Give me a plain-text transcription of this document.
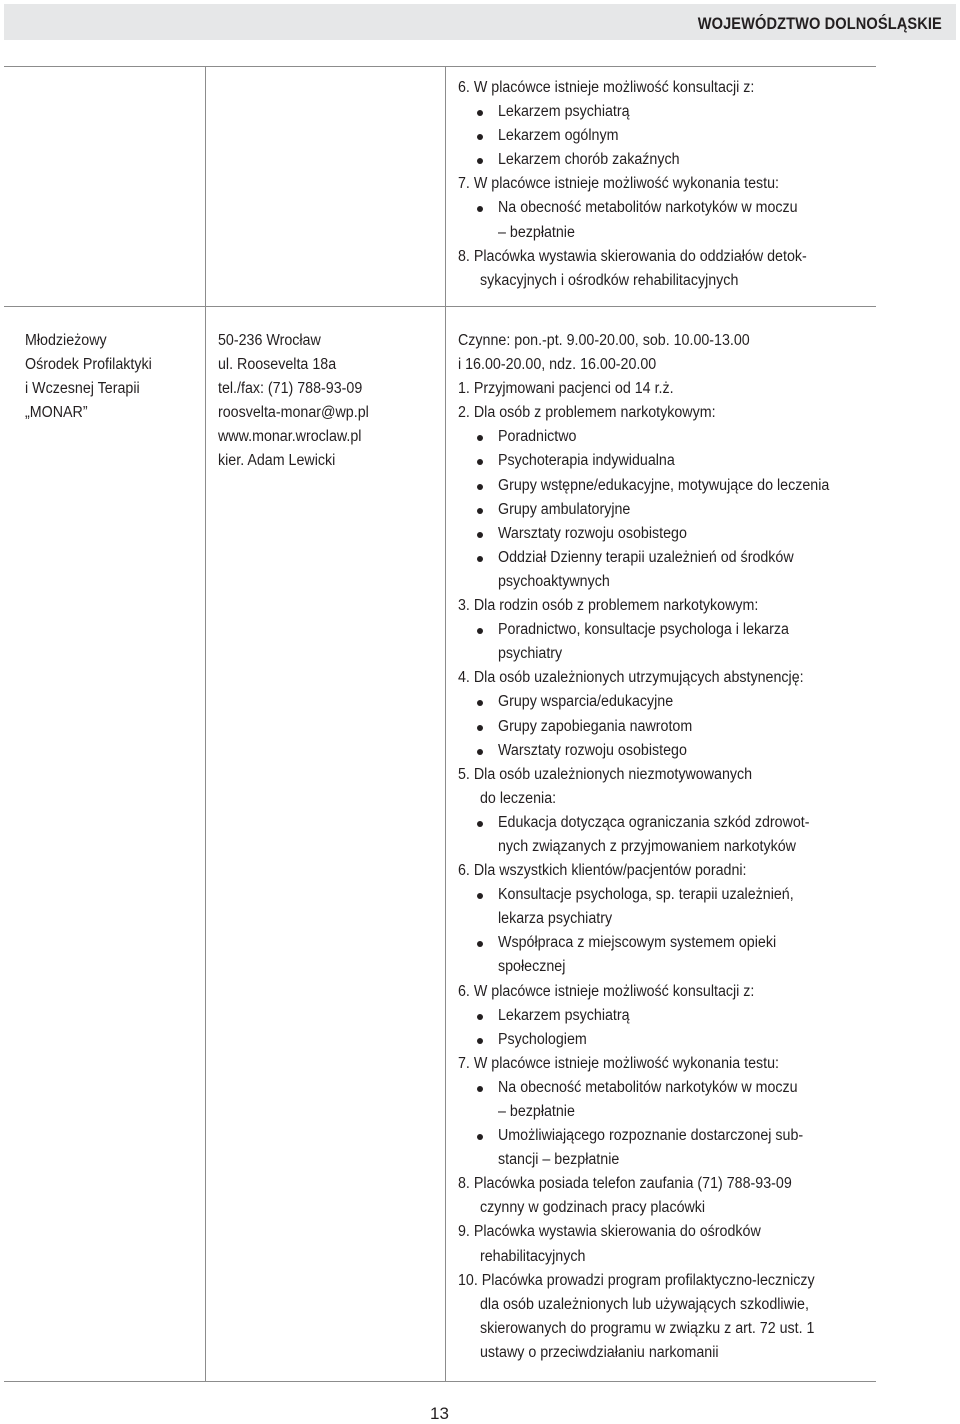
WOJEWÓDZTWO DOLNOŚLĄSKIE
6. W placówce istnieje możliwość konsultacji z:
Lekarzem psychiatrą
Lekarzem ogólnym
Lekarzem chorób zakaźnych
7. W placówce istnieje możliwość wykonania testu:
Na obecność metabolitów narkotyków w moczu
– bezpłatnie
8. Placówka wystawia skierowania do oddziałów detok-
sykacyjnych i ośrodków rehabilitacyjnych
Młodzieżowy
Ośrodek Profilaktyki
i Wczesnej Terapii
„MONAR”
50-236 Wrocław
ul. Roosevelta 18a
tel./fax: (71) 788-93-09
roosvelta-monar@wp.pl
www.monar.wroclaw.pl
kier. Adam Lewicki
Czynne: pon.-pt. 9.00-20.00, sob. 10.00-13.00
i 16.00-20.00, ndz. 16.00-20.00
1. Przyjmowani pacjenci od 14 r.ż.
2. Dla osób z problemem narkotykowym:
Poradnictwo
Psychoterapia indywidualna
Grupy wstępne/edukacyjne, motywujące do leczenia
Grupy ambulatoryjne
Warsztaty rozwoju osobistego
Oddział Dzienny terapii uzależnień od środków
psychoaktywnych
3. Dla rodzin osób z problemem narkotykowym:
Poradnictwo, konsultacje psychologa i lekarza
psychiatry
4. Dla osób uzależnionych utrzymujących abstynencję:
Grupy wsparcia/edukacyjne
Grupy zapobiegania nawrotom
Warsztaty rozwoju osobistego
5. Dla osób uzależnionych niezmotywowanych
do leczenia:
Edukacja dotycząca ograniczania szkód zdrowot-
nych związanych z przyjmowaniem narkotyków
6. Dla wszystkich klientów/pacjentów poradni:
Konsultacje psychologa, sp. terapii uzależnień,
lekarza psychiatry
Współpraca z miejscowym systemem opieki
społecznej
6. W placówce istnieje możliwość konsultacji z:
Lekarzem psychiatrą
Psychologiem
7. W placówce istnieje możliwość wykonania testu:
Na obecność metabolitów narkotyków w moczu
– bezpłatnie
Umożliwiającego rozpoznanie dostarczonej sub-
stancji – bezpłatnie
8. Placówka posiada telefon zaufania (71) 788-93-09
czynny w godzinach pracy placówki
9. Placówka wystawia skierowania do ośrodków
rehabilitacyjnych
10. Placówka prowadzi program profilaktyczno-leczniczy
dla osób uzależnionych lub używających szkodliwie,
skierowanych do programu w związku z art. 72 ust. 1
ustawy o przeciwdziałaniu narkomanii
13
